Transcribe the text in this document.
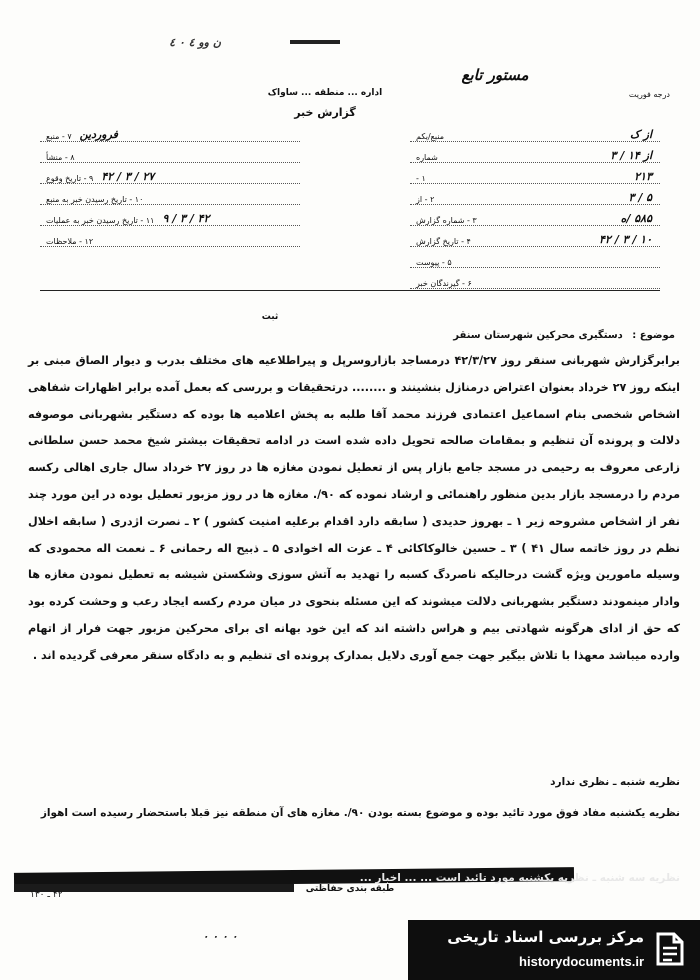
ن وو ٤ ۰ ٤
مستور تابع
درجه فوریت
اداره ... منطقه ... ساواک
گزارش خبر
منبع/یکم	از ک
شماره	از ۱۴ / ۳
۱ -	۲۱۳
۲ - از	۵ / ۳
۳ - شماره گزارش	۵۸۵ /ه
۴ - تاریخ گزارش	۱۰ / ۳ / ۴۲
۵ - پیوست
۶ - گیرندگان خبر
۷ - منبع فروردین
۸ - منشأ
۹ - تاریخ وقوع ۲۷ / ۳ / ۴۲
۱۰ - تاریخ رسیدن خبر به منبع
۱۱ - تاریخ رسیدن خبر به عملیات ۴۲ / ۳ / ۹
۱۲ - ملاحظات
ثبت
موضوع : دستگیری محرکین شهرستان سنقر

برابرگزارش شهربانی سنقر روز ۴۲/۳/۲۷ درمساجد بازاروسرپل و پیراطلاعیه های مختلف بدرب و دیوار الصاق مبنی بر اینکه روز ۲۷ خرداد بعنوان اعتراض درمنازل بنشینند و ........ درتحقیقات و بررسی که بعمل آمده برابر اظهارات شفاهی اشخاص شخصی بنام اسماعیل اعتمادی فرزند محمد آقا طلبه به پخش اعلامیه ها بوده که دستگیر بشهربانی موصوفه دلالت و پرونده آن تنظیم و بمقامات صالحه تحویل داده شده است در ادامه تحقیقات بیشتر شیخ محمد حسن سلطانی زارعی معروف به رحیمی در مسجد جامع بازار پس از تعطیل نمودن مغازه ها در روز ۲۷ خرداد سال جاری اهالی رکسه مردم را درمسجد بازار بدین منظور راهنمائی و ارشاد نموده که ۹۰/. مغازه ها در روز مزبور تعطیل بوده در این مورد چند نفر از اشخاص مشروحه زیر ۱ ـ بهروز حدیدی ( سابقه دارد اقدام برعلیه امنیت کشور ) ۲ ـ نصرت اژدری ( سابقه اخلال نظم در روز خاتمه سال ۴۱ ) ۳ ـ حسین خالوکاکائی ۴ ـ عزت اله اخوادی ۵ ـ ذبیح اله رحمانی ۶ ـ نعمت اله محمودی که وسیله مامورین ویژه گشت درحالیکه ناصردگ کسبه را تهدید به آتش سوزی وشکستن شیشه به تعطیل نمودن مغازه ها وادار مینمودند دستگیر بشهربانی دلالت میشوند که این مسئله بنحوی در میان مردم رکسه ایجاد رعب و وحشت کرده بود که حق از ادای هرگونه شهادتی بیم و هراس داشته اند که این خود بهانه ای برای محرکین مزبور جهت فرار از اتهام وارده میباشد معهذا با تلاش بیگیر جهت جمع آوری دلایل بمدارک پرونده ای تنظیم و به دادگاه سنقر معرفی گردیده اند .

نظریه شنبه ـ نظری ندارد
نظریه یکشنبه مفاد فوق مورد تائید بوده و موضوع بسته بودن ۹۰/. مغازه های آن منطقه نیز قبلا باستحضار رسیده است اهواز
نظریه سه شنبه ـ نظریه یکشنبه مورد تائید است ... ... اخبار ...
طبقه بندی حفاظتی
۴۲ ـ ۱۳۰
۰ ۰ ۰ ۰	مرکز بررسی اسناد تاریخی
historydocuments.ir
